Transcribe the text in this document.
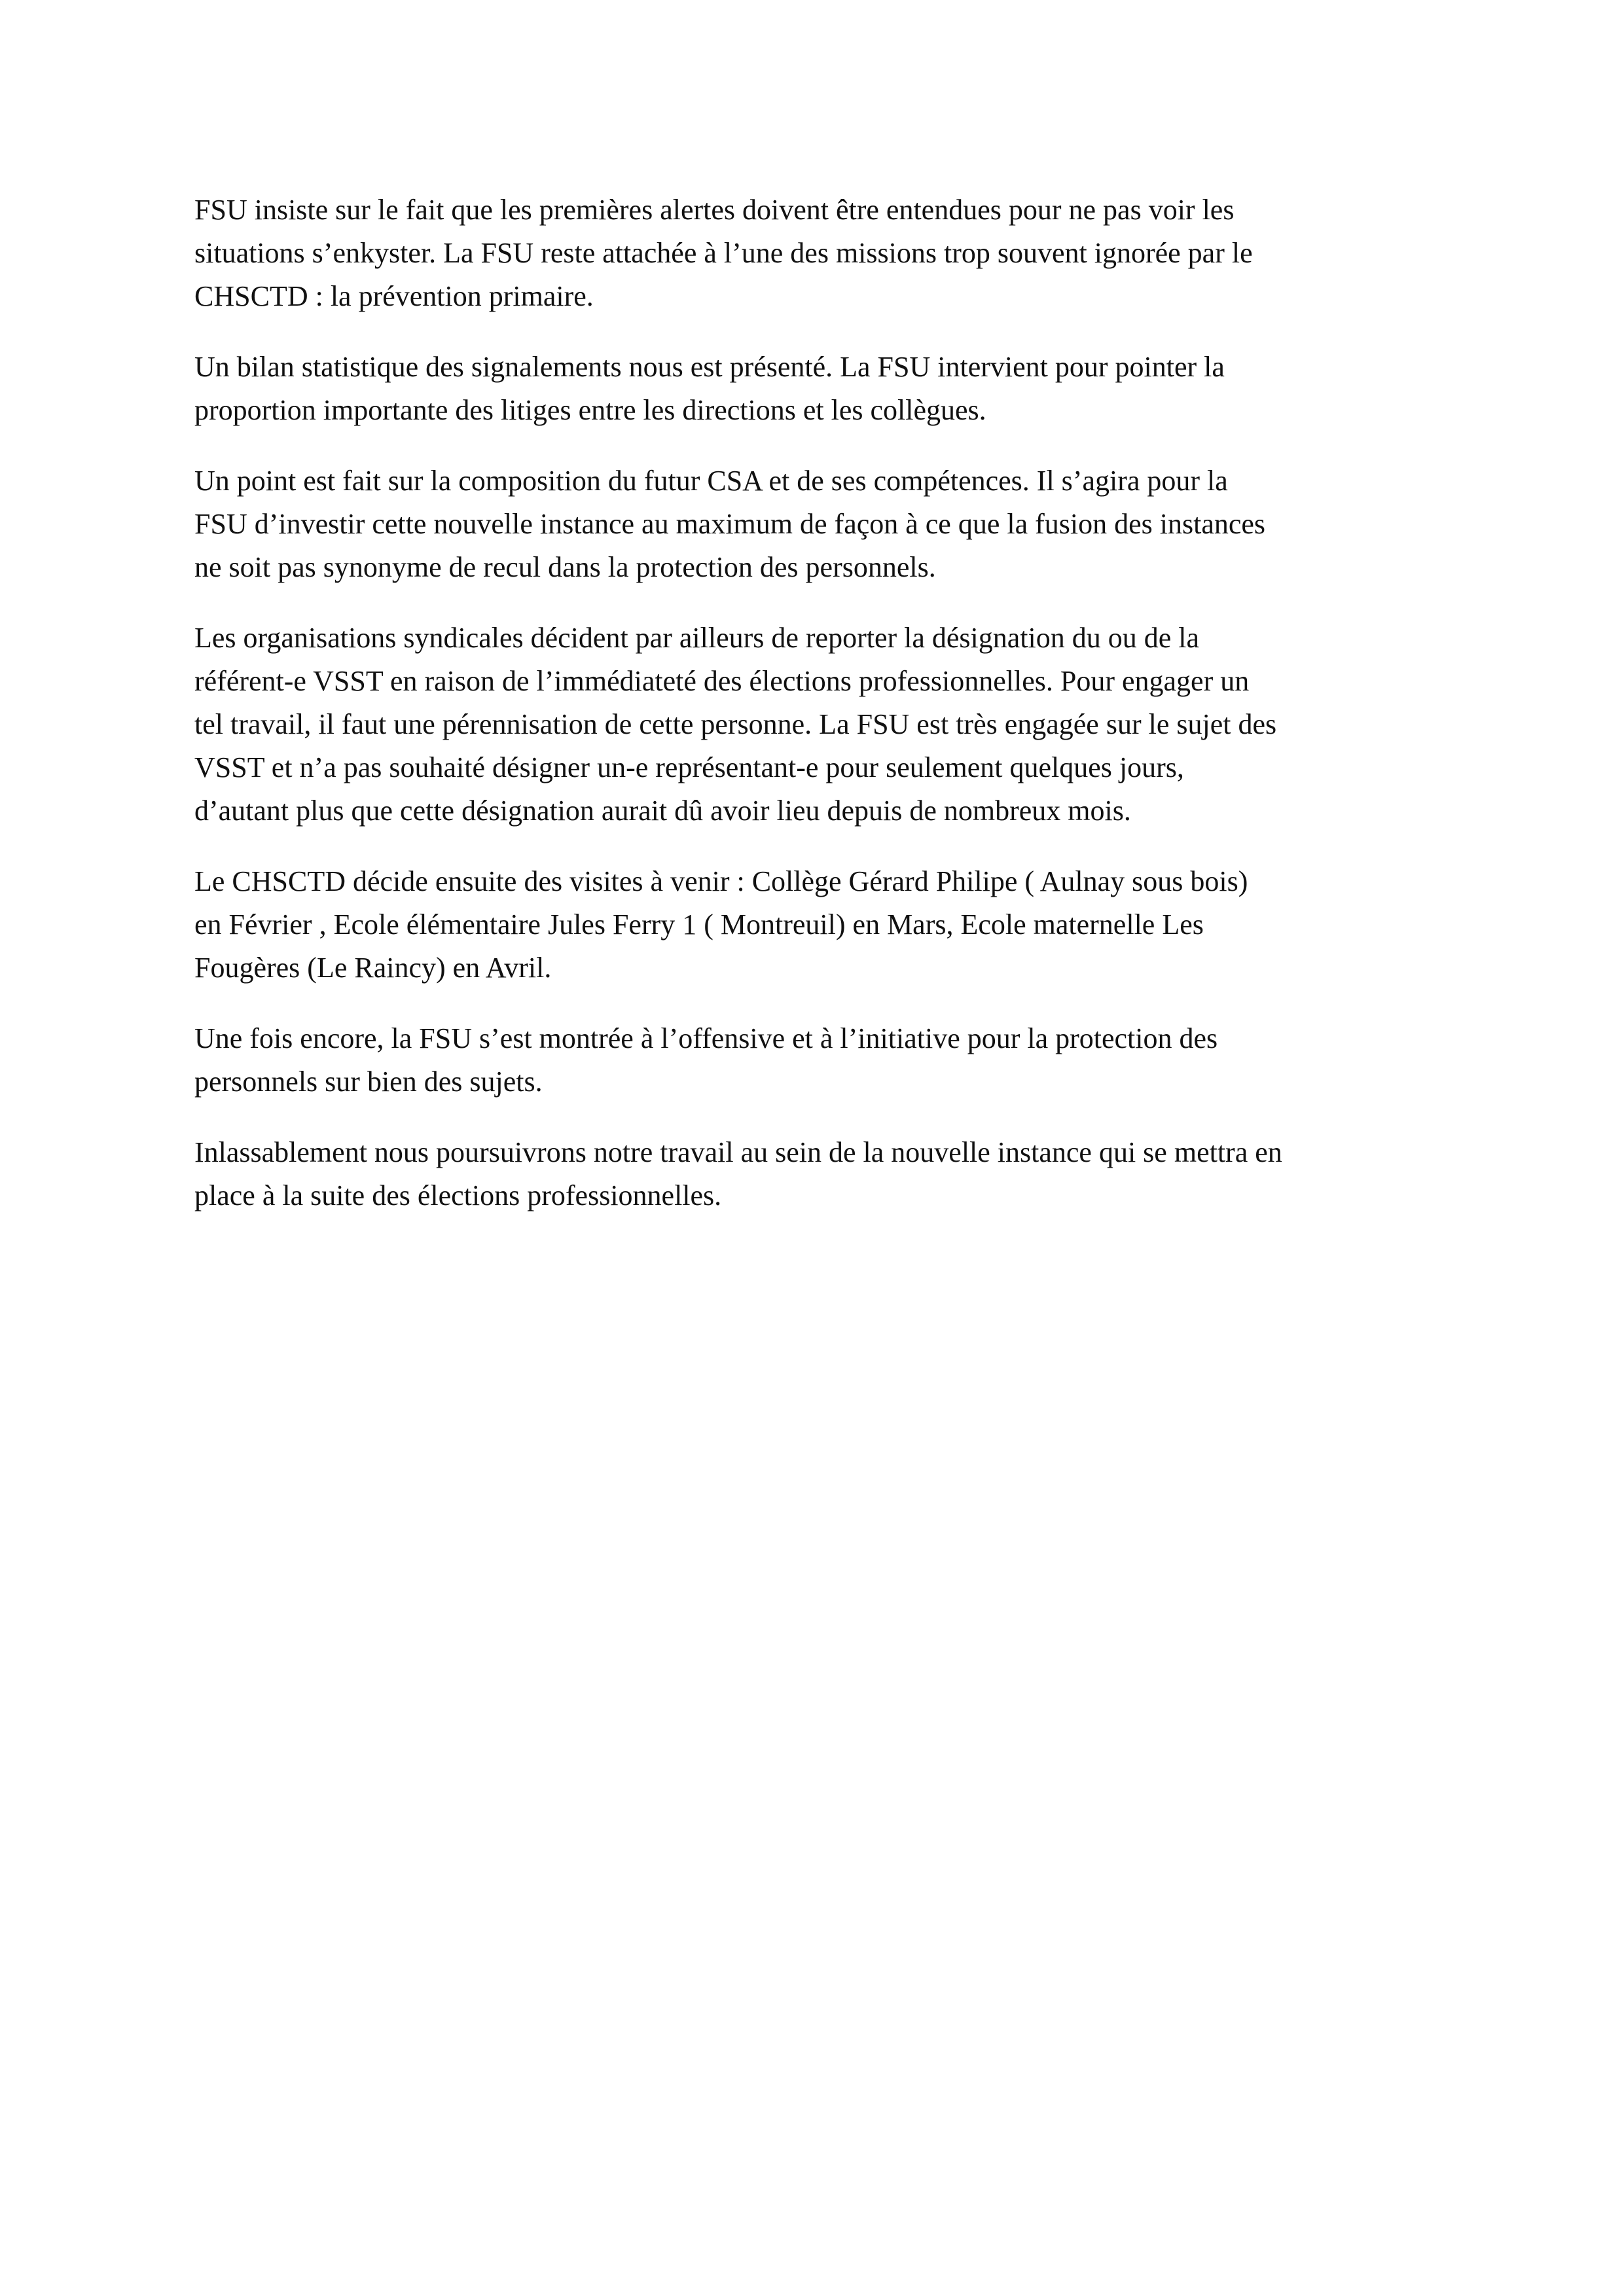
FSU insiste sur le fait que les premières alertes doivent être entendues pour ne pas voir les
situations s’enkyster. La FSU reste attachée à l’une des missions trop souvent ignorée par le
CHSCTD : la prévention primaire.

Un bilan statistique des signalements nous est présenté. La FSU intervient pour pointer la
proportion importante des litiges entre les directions et les collègues.

Un point est fait sur la composition du futur CSA et de ses compétences. Il s’agira pour la
FSU d’investir cette nouvelle instance au maximum de façon à ce que la fusion des instances
ne soit pas synonyme de recul dans la protection des personnels.

Les organisations syndicales décident par ailleurs de reporter la désignation du ou de la
référent-e VSST en raison de l’immédiateté des élections professionnelles. Pour engager un
tel travail, il faut une pérennisation de cette personne. La FSU est très engagée sur le sujet des
VSST et n’a pas souhaité désigner un-e représentant-e pour seulement quelques jours,
d’autant plus que cette désignation aurait dû avoir lieu depuis de nombreux mois.

Le CHSCTD décide ensuite des visites à venir : Collège Gérard Philipe ( Aulnay sous bois)
en Février , Ecole élémentaire Jules Ferry 1 ( Montreuil) en Mars, Ecole maternelle Les
Fougères (Le Raincy) en Avril.

Une fois encore, la FSU s’est montrée à l’offensive et à l’initiative pour la protection des
personnels sur bien des sujets.

Inlassablement nous poursuivrons notre travail au sein de la nouvelle instance qui se mettra en
place à la suite des élections professionnelles.
